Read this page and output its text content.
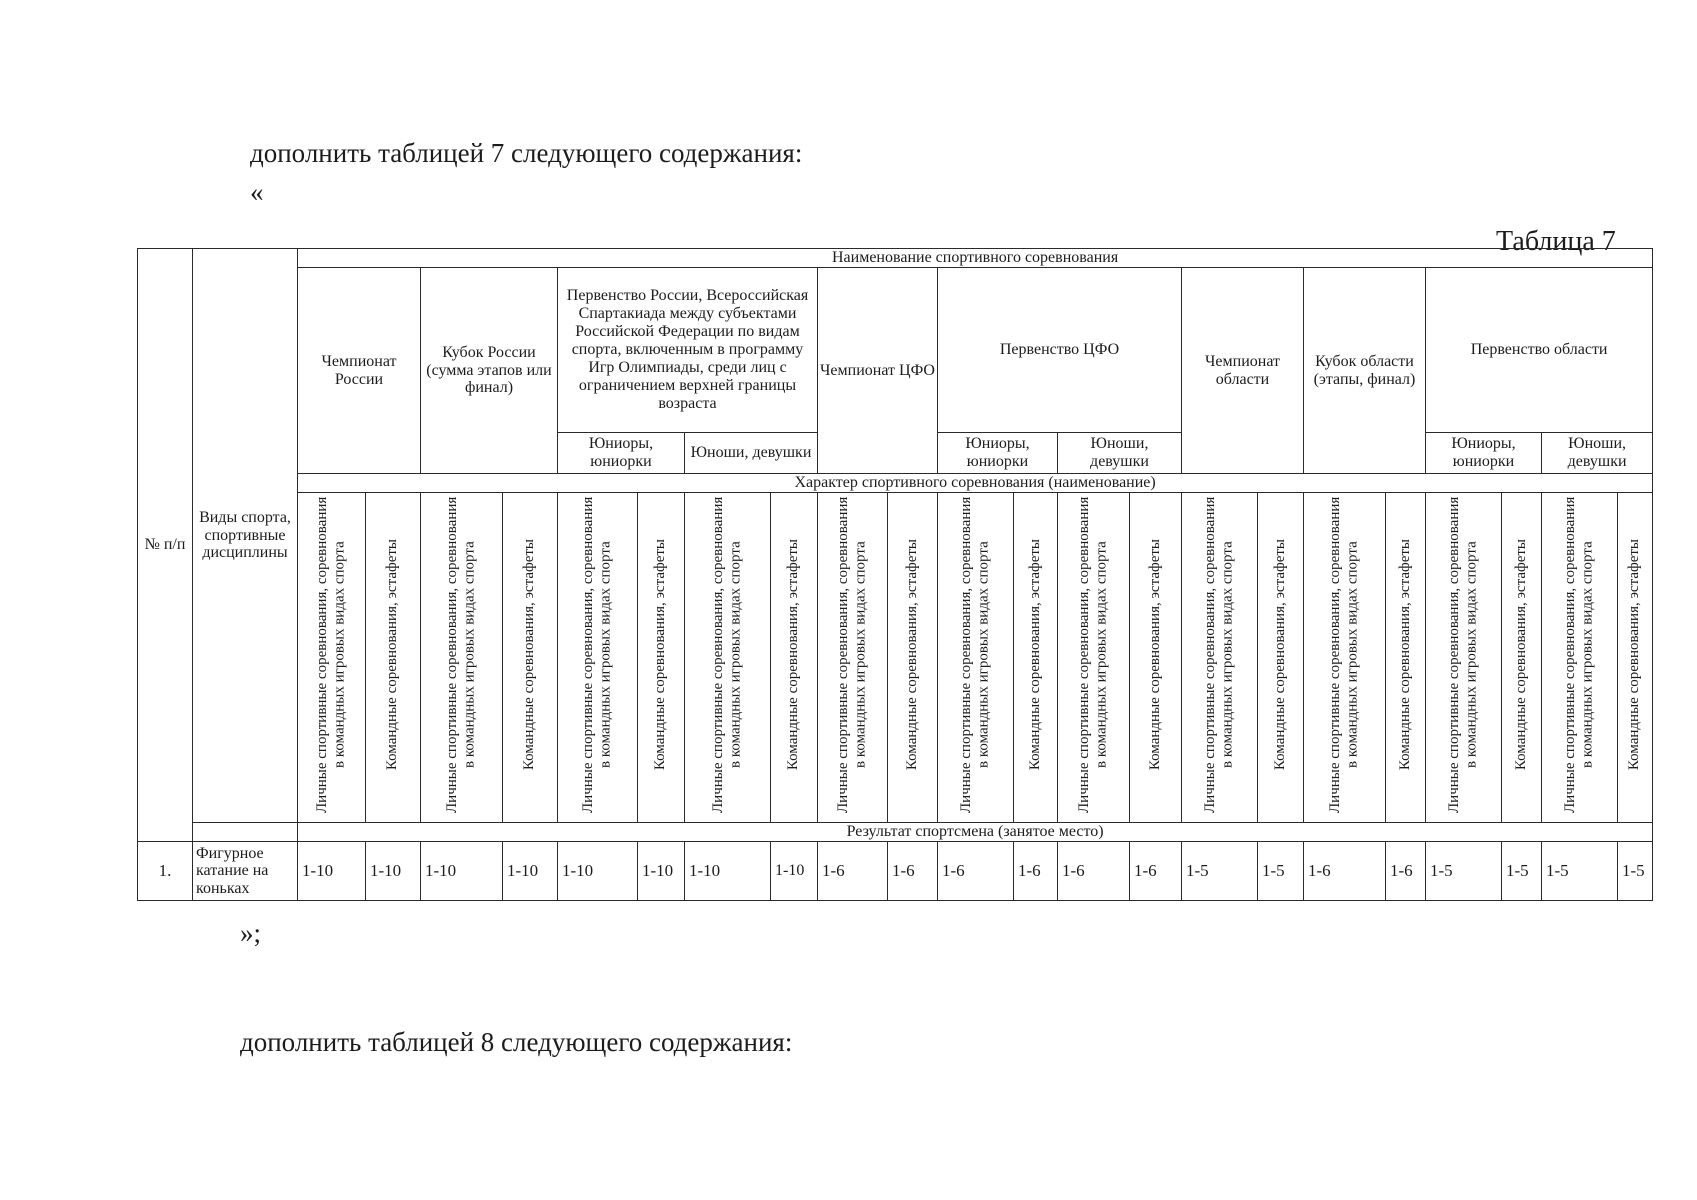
дополнить таблицей 7 следующего содержания:
«
Таблица 7
№ п/п	Виды спорта, спортивные дисциплины	Наименование спортивного соревнования																					
		Чемпионат России		Кубок России (сумма этапов или финал)		Первенство России, Всероссийская Спартакиада между субъектами Российской Федерации по видам спорта, включенным в программу Игр Олимпиады, среди лиц с ограничением верхней границы возраста				Чемпионат ЦФО		Первенство ЦФО				Чемпионат области		Кубок области (этапы, финал)		Первенство области			
						Юниоры, юниорки		Юноши, девушки				Юниоры, юниорки		Юноши, девушки						Юниоры, юниорки		Юноши, девушки	
		Характер спортивного соревнования (наименование)																					
		Личные спортивные соревнования, соревнования в командных игровых видах спорта	Командные соревнования, эстафеты	Личные спортивные соревнования, соревнования в командных игровых видах спорта	Командные соревнования, эстафеты	Личные спортивные соревнования, соревнования в командных игровых видах спорта	Командные соревнования, эстафеты	Личные спортивные соревнования, соревнования в командных игровых видах спорта	Командные соревнования, эстафеты	Личные спортивные соревнования, соревнования в командных игровых видах спорта	Командные соревнования, эстафеты	Личные спортивные соревнования, соревнования в командных игровых видах спорта	Командные соревнования, эстафеты	Личные спортивные соревнования, соревнования в командных игровых видах спорта	Командные соревнования, эстафеты	Личные спортивные соревнования, соревнования в командных игровых видах спорта	Командные соревнования, эстафеты	Личные спортивные соревнования, соревнования в командных игровых видах спорта	Командные соревнования, эстафеты	Личные спортивные соревнования, соревнования в командных игровых видах спорта	Командные соревнования, эстафеты	Личные спортивные соревнования, соревнования в командных игровых видах спорта	Командные соревнования, эстафеты
		Результат спортсмена (занятое место)																					
1.	Фигурное катание на коньках	1-10	1-10	1-10	1-10	1-10	1-10	1-10	1-10	1-6	1-6	1-6	1-6	1-6	1-6	1-5	1-5	1-6	1-6	1-5	1-5	1-5	1-5
»;
дополнить таблицей 8 следующего содержания:
